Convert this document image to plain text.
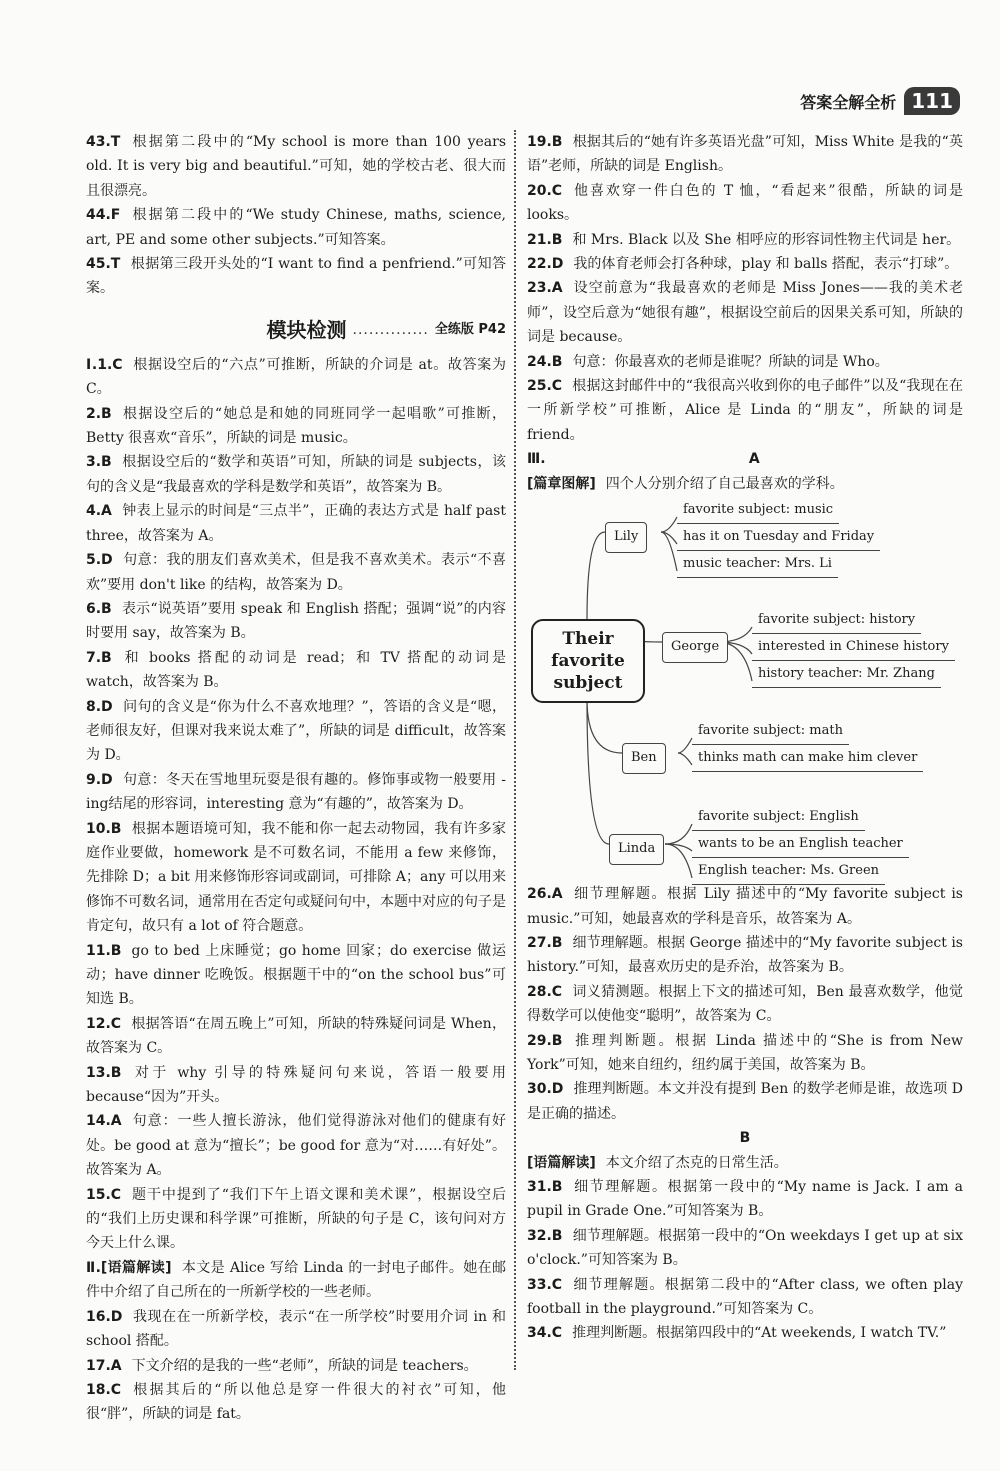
答案全解全析 111

43.T 根据第二段中的“My school is more than 100 years old. It is very big and beautiful.”可知，她的学校古老、很大而且很漂亮。

44.F 根据第二段中的“We study Chinese, maths, science, art, PE and some other subjects.”可知答案。

45.T 根据第三段开头处的“I want to find a penfriend.”可知答案。

模块检测 .............. 全练版 P42

Ⅰ.1.C 根据设空后的“六点”可推断，所缺的介词是 at。故答案为 C。

2.B 根据设空后的“她总是和她的同班同学一起唱歌”可推断，Betty 很喜欢“音乐”，所缺的词是 music。

3.B 根据设空后的“数学和英语”可知，所缺的词是 subjects，该句的含义是“我最喜欢的学科是数学和英语”，故答案为 B。

4.A 钟表上显示的时间是“三点半”，正确的表达方式是 half past three，故答案为 A。

5.D 句意：我的朋友们喜欢美术，但是我不喜欢美术。表示“不喜欢”要用 don't like 的结构，故答案为 D。

6.B 表示“说英语”要用 speak 和 English 搭配；强调“说”的内容时要用 say，故答案为 B。

7.B 和 books 搭配的动词是 read；和 TV 搭配的动词是 watch，故答案为 B。

8.D 问句的含义是“你为什么不喜欢地理？”，答语的含义是“嗯，老师很友好，但课对我来说太难了”，所缺的词是 difficult，故答案为 D。

9.D 句意：冬天在雪地里玩耍是很有趣的。修饰事或物一般要用 -ing结尾的形容词，interesting 意为“有趣的”，故答案为 D。

10.B 根据本题语境可知，我不能和你一起去动物园，我有许多家庭作业要做，homework 是不可数名词，不能用 a few 来修饰，先排除 D；a bit 用来修饰形容词或副词，可排除 A；any 可以用来修饰不可数名词，通常用在否定句或疑问句中，本题中对应的句子是肯定句，故只有 a lot of 符合题意。

11.B go to bed 上床睡觉；go home 回家；do exercise 做运动；have dinner 吃晚饭。根据题干中的“on the school bus”可知选 B。

12.C 根据答语“在周五晚上”可知，所缺的特殊疑问词是 When，故答案为 C。

13.B 对于 why 引导的特殊疑问句来说，答语一般要用 because“因为”开头。

14.A 句意：一些人擅长游泳，他们觉得游泳对他们的健康有好处。be good at 意为“擅长”；be good for 意为“对……有好处”。故答案为 A。

15.C 题干中提到了“我们下午上语文课和美术课”，根据设空后的“我们上历史课和科学课”可推断，所缺的句子是 C，该句问对方今天上什么课。

Ⅱ.[语篇解读] 本文是 Alice 写给 Linda 的一封电子邮件。她在邮件中介绍了自己所在的一所新学校的一些老师。

16.D 我现在在一所新学校，表示“在一所学校”时要用介词 in 和 school 搭配。

17.A 下文介绍的是我的一些“老师”，所缺的词是 teachers。

18.C 根据其后的“所以他总是穿一件很大的衬衣”可知，他很“胖”，所缺的词是 fat。

19.B 根据其后的“她有许多英语光盘”可知，Miss White 是我的“英语”老师，所缺的词是 English。

20.C 他喜欢穿一件白色的 T 恤，“看起来”很酷，所缺的词是 looks。

21.B 和 Mrs. Black 以及 She 相呼应的形容词性物主代词是 her。

22.D 我的体育老师会打各种球，play 和 balls 搭配，表示“打球”。

23.A 设空前意为“我最喜欢的老师是 Miss Jones——我的美术老师”，设空后意为“她很有趣”，根据设空前后的因果关系可知，所缺的词是 because。

24.B 句意：你最喜欢的老师是谁呢？所缺的词是 Who。

25.C 根据这封邮件中的“我很高兴收到你的电子邮件”以及“我现在在一所新学校”可推断，Alice 是 Linda 的“朋友”，所缺的词是 friend。

Ⅲ.	A

[篇章图解] 四个人分别介绍了自己最喜欢的学科。

Their favorite subject
Lily
favorite subject: music
has it on Tuesday and Friday
music teacher: Mrs. Li
George
favorite subject: history
interested in Chinese history
history teacher: Mr. Zhang
Ben
favorite subject: math
thinks math can make him clever
Linda
favorite subject: English
wants to be an English teacher
English teacher: Ms. Green

26.A 细节理解题。根据 Lily 描述中的“My favorite subject is music.”可知，她最喜欢的学科是音乐，故答案为 A。

27.B 细节理解题。根据 George 描述中的“My favorite subject is history.”可知，最喜欢历史的是乔治，故答案为 B。

28.C 词义猜测题。根据上下文的描述可知，Ben 最喜欢数学，他觉得数学可以使他变“聪明”，故答案为 C。

29.B 推理判断题。根据 Linda 描述中的“She is from New York”可知，她来自纽约，纽约属于美国，故答案为 B。

30.D 推理判断题。本文并没有提到 Ben 的数学老师是谁，故选项 D 是正确的描述。

B

[语篇解读] 本文介绍了杰克的日常生活。

31.B 细节理解题。根据第一段中的“My name is Jack. I am a pupil in Grade One.”可知答案为 B。

32.B 细节理解题。根据第一段中的“On weekdays I get up at six o'clock.”可知答案为 B。

33.C 细节理解题。根据第二段中的“After class, we often play football in the playground.”可知答案为 C。

34.C 推理判断题。根据第四段中的“At weekends, I watch TV.”
